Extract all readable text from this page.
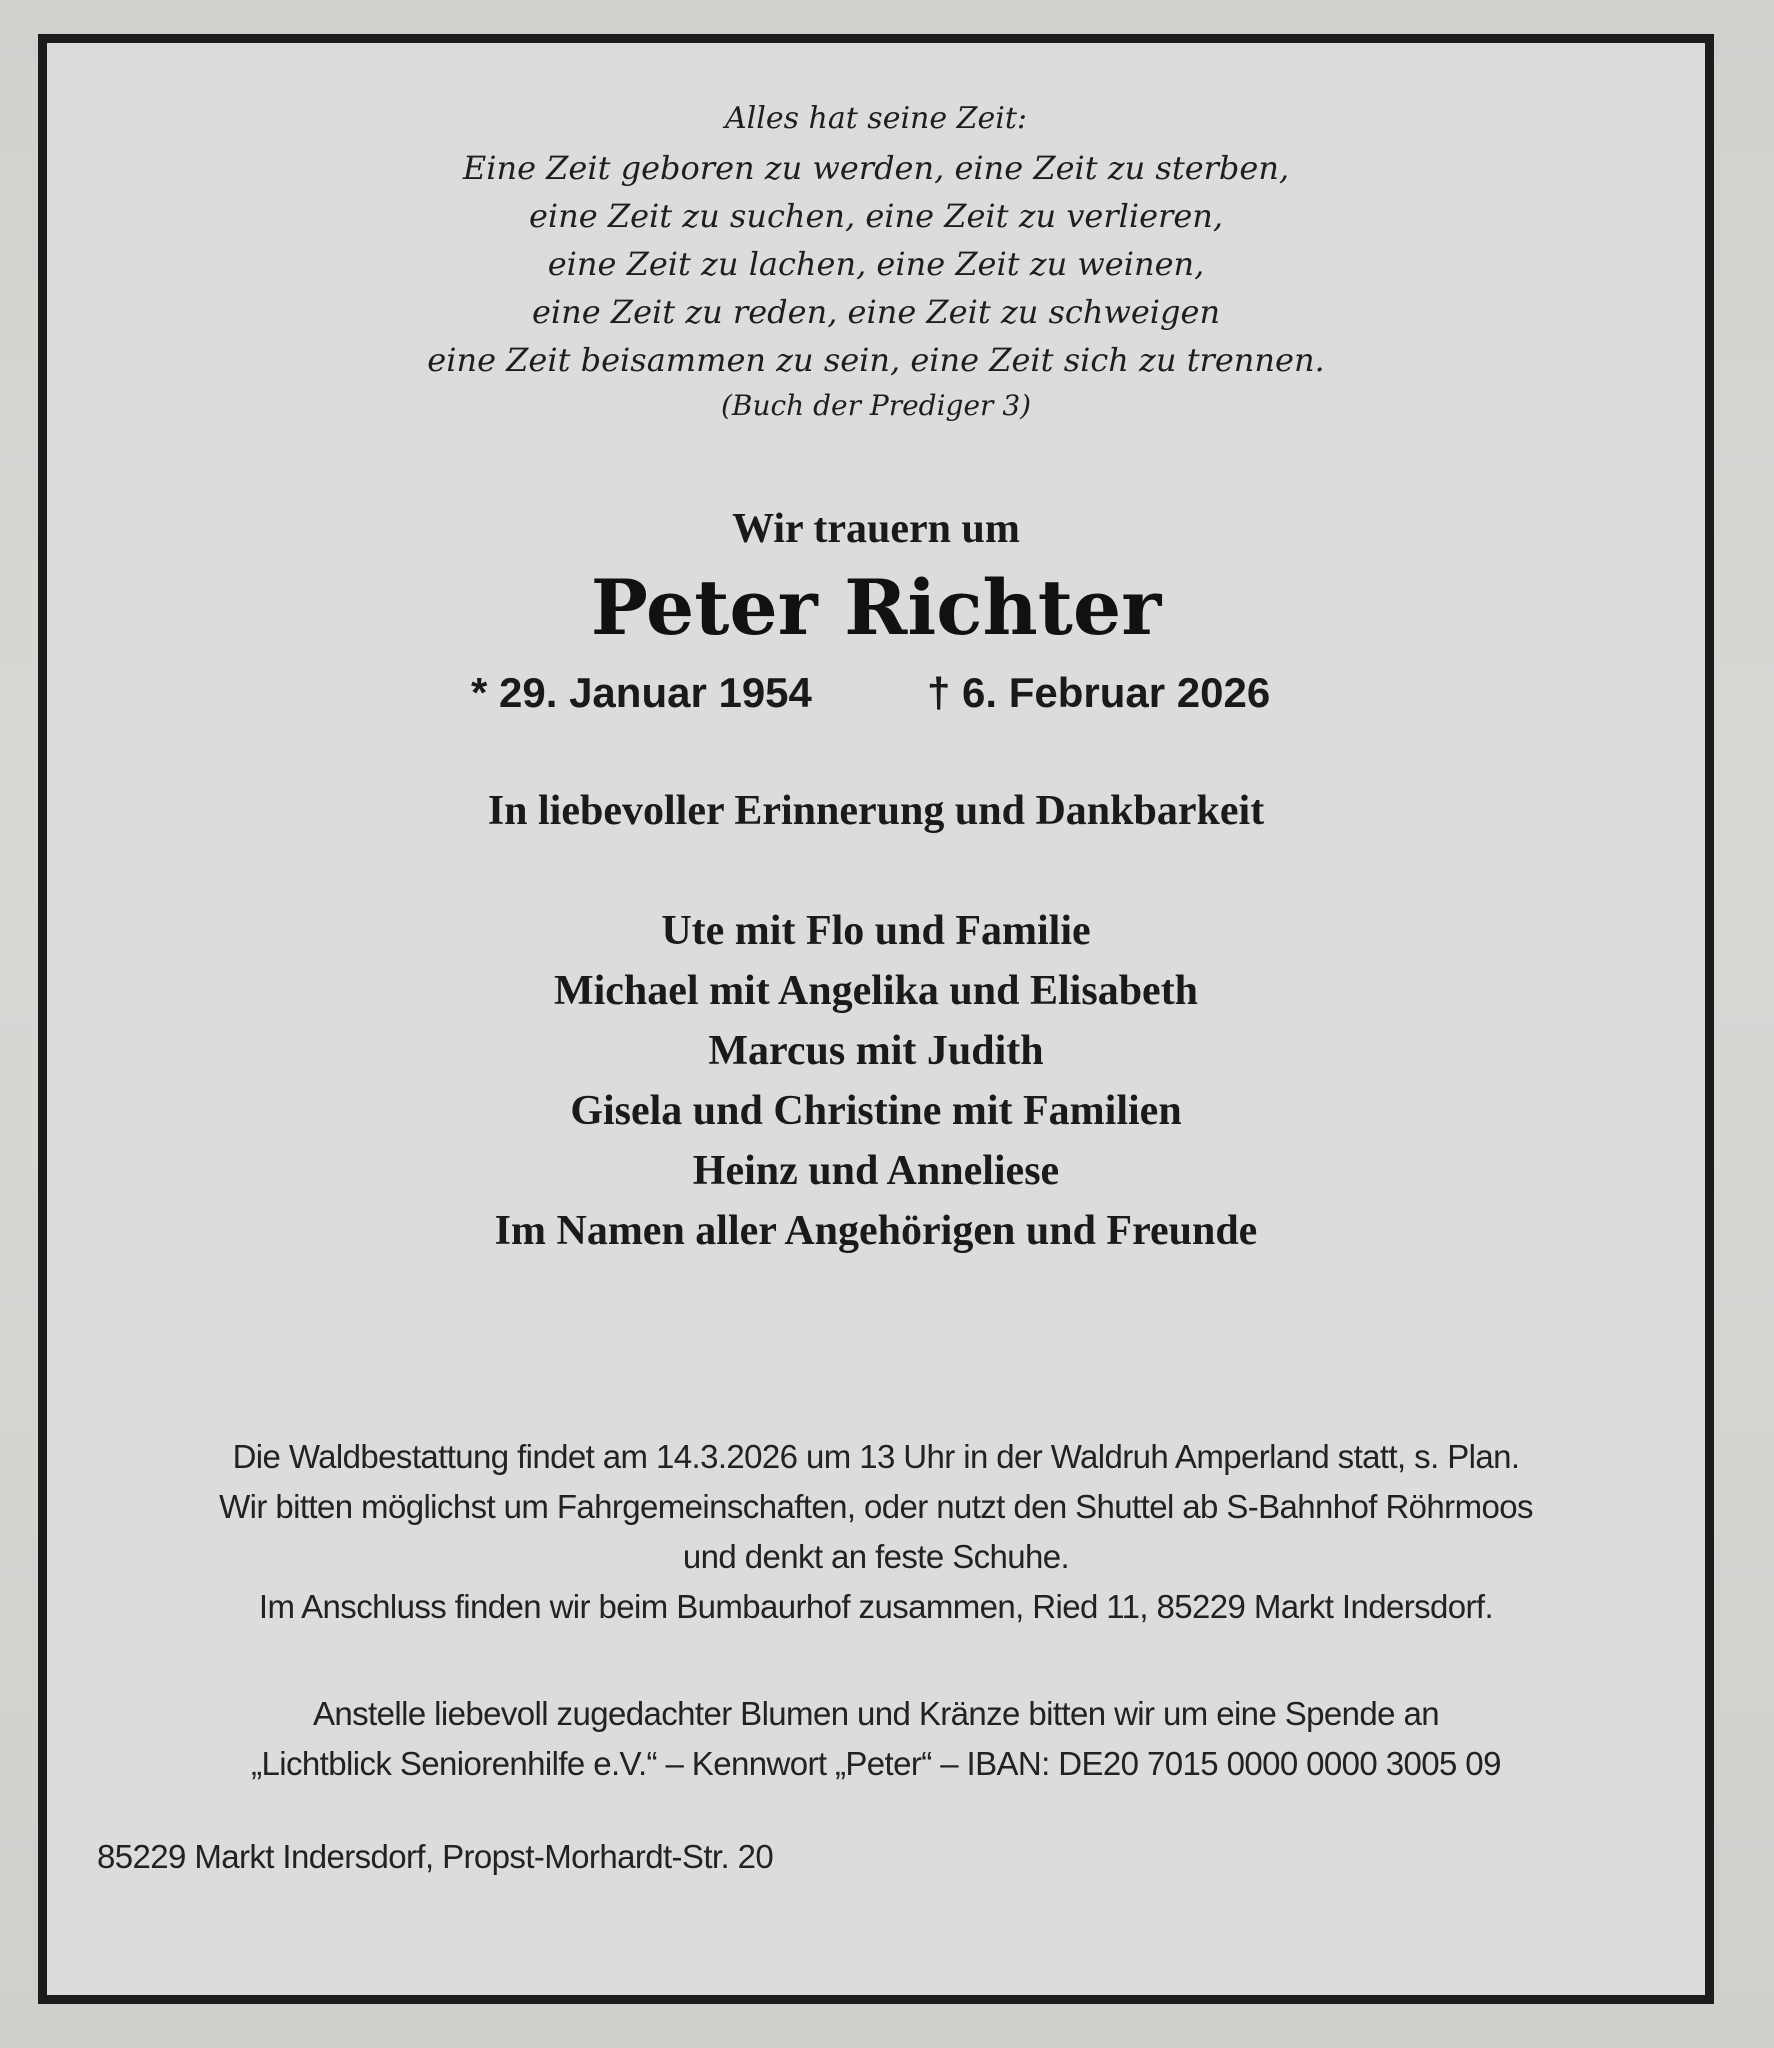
Alles hat seine Zeit:
Eine Zeit geboren zu werden, eine Zeit zu sterben,
eine Zeit zu suchen, eine Zeit zu verlieren,
eine Zeit zu lachen, eine Zeit zu weinen,
eine Zeit zu reden, eine Zeit zu schweigen
eine Zeit beisammen zu sein, eine Zeit sich zu trennen.
(Buch der Prediger 3)
Wir trauern um
Peter Richter
* 29. Januar 1954	† 6. Februar 2026
In liebevoller Erinnerung und Dankbarkeit
Ute mit Flo und Familie
Michael mit Angelika und Elisabeth
Marcus mit Judith
Gisela und Christine mit Familien
Heinz und Anneliese
Im Namen aller Angehörigen und Freunde
Die Waldbestattung findet am 14.3.2026 um 13 Uhr in der Waldruh Amperland statt, s. Plan.
Wir bitten möglichst um Fahrgemeinschaften, oder nutzt den Shuttel ab S-Bahnhof Röhrmoos
und denkt an feste Schuhe.
Im Anschluss finden wir beim Bumbaurhof zusammen, Ried 11, 85229 Markt Indersdorf.
Anstelle liebevoll zugedachter Blumen und Kränze bitten wir um eine Spende an
„Lichtblick Seniorenhilfe e.V.“ – Kennwort „Peter“ – IBAN: DE20 7015 0000 0000 3005 09
85229 Markt Indersdorf, Propst-Morhardt-Str. 20
